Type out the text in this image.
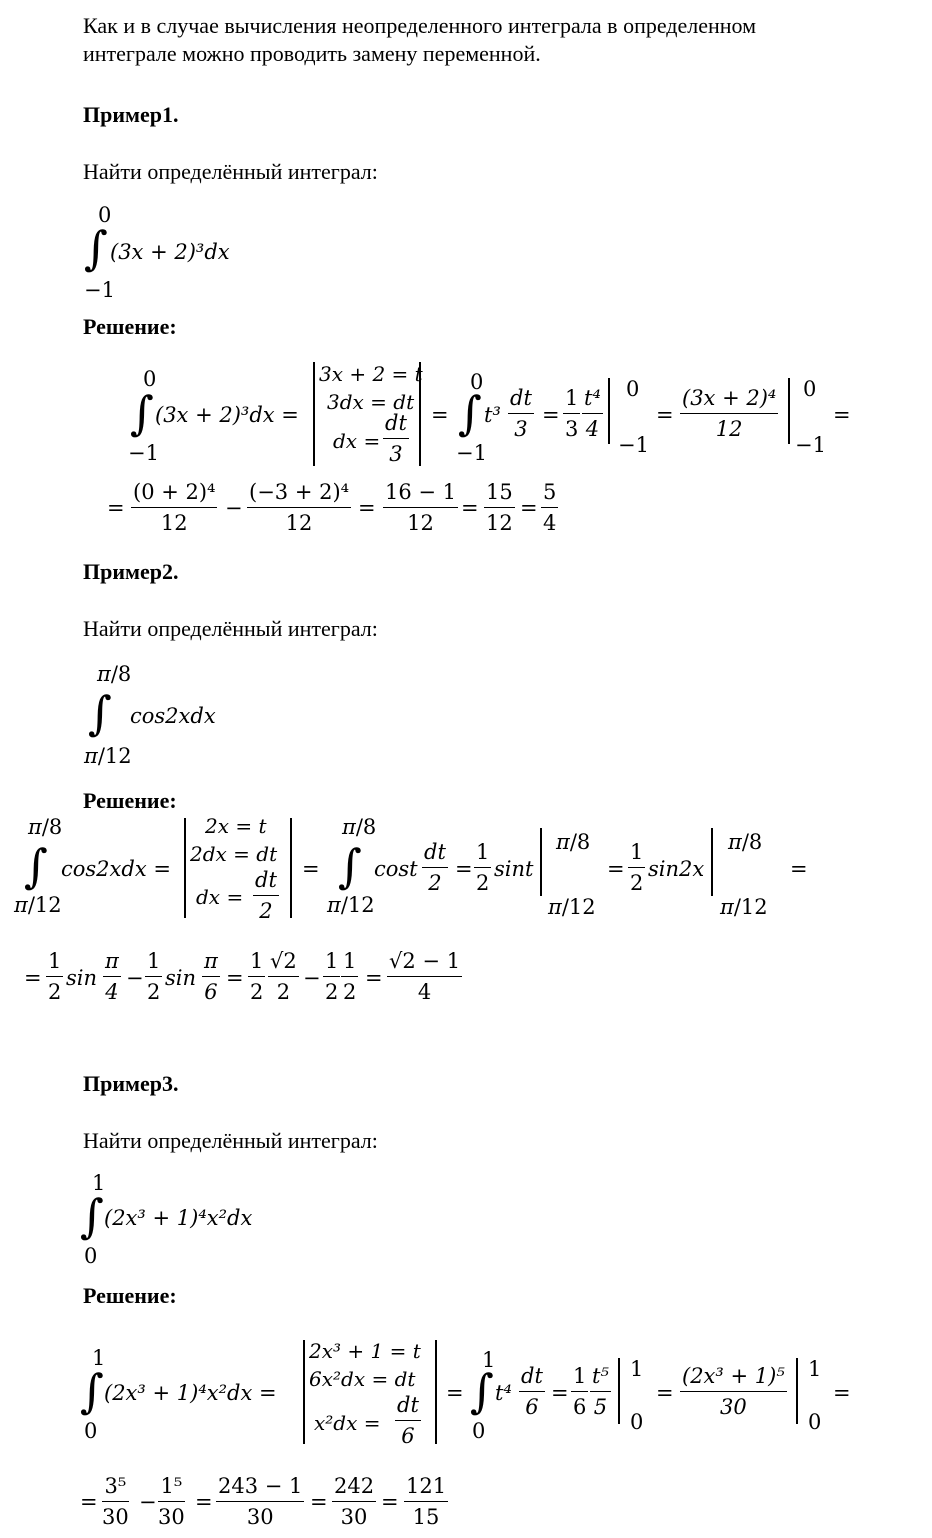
Как и в случае вычисления неопределенного интеграла в определенном
интеграле можно проводить замену переменной.
Пример1.
Найти определённый интеграл:
0
∫ (3x + 2)³dx
−1
Решение:
0
∫
−1
(3x + 2)³dx =
3x + 2 = t
3dx = dt
dx =
dt
3
=
0
∫
−1
t³
dt
3
=
1
3
t⁴
4
0
−1
=
(3x + 2)⁴
12
0
−1
=
=
(0 + 2)⁴
12
−
(−3 + 2)⁴
12
=
16 − 1
12
=
15
12
=
5
4
Пример2.
Найти определённый интеграл:
π/8
∫ cos2xdx
π/12
Решение:
π/8
∫
π/12
cos2xdx =
2x = t
2dx = dt
dx =
dt
2
=
π/8
∫
π/12
cost
dt
2
=
1
2
sint
π/8
π/12
=
1
2
sin2x
π/8
π/12
=
=
1
2
sin
π
4
−
1
2
sin
π
6
=
1
2
√2
2
−
1
2
1
2
=
√2 − 1
4
Пример3.
Найти определённый интеграл:
1
∫ (2x³ + 1)⁴x²dx
0
Решение:
1
∫
0
(2x³ + 1)⁴x²dx =
2x³ + 1 = t
6x²dx = dt
x²dx =
dt
6
=
1
∫
0
t⁴
dt
6
=
1
6
t⁵
5
1
0
=
(2x³ + 1)⁵
30
1
0
=
=
3⁵
30
−
1⁵
30
=
243 − 1
30
=
242
30
=
121
15
